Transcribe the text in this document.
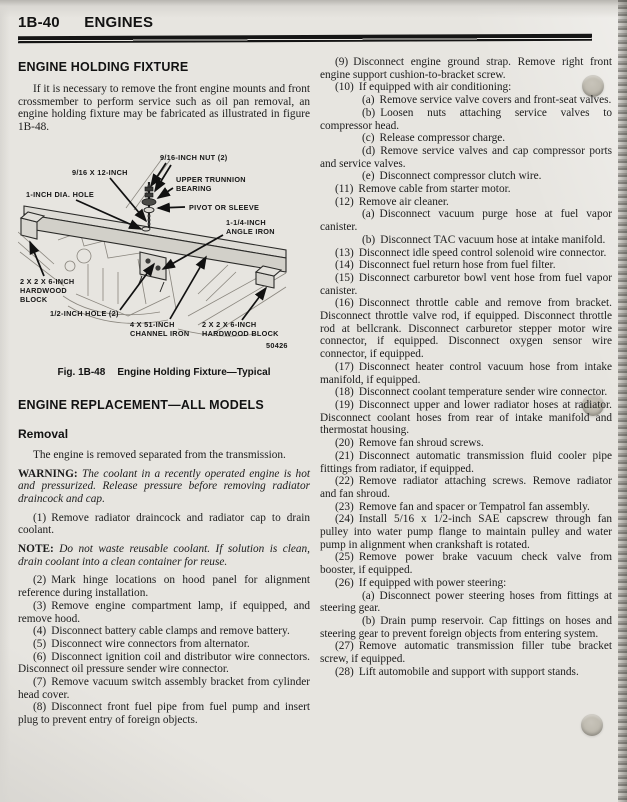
1B-40 ENGINES
ENGINE HOLDING FIXTURE

If it is necessary to remove the front engine mounts and front crossmember to perform service such as oil pan removal, an engine holding fixture may be fabricated as illustrated in figure 1B-48.

9/16-INCH NUT (2)
9/16 X 12-INCH
UPPER TRUNNION
BEARING
1-INCH DIA. HOLE
PIVOT OR SLEEVE
1-1/4-INCH
ANGLE IRON
2 X 2 X 6-INCH
HARDWOOD
BLOCK
1/2-INCH HOLE (2)
4 X 51-INCH
CHANNEL IRON
2 X 2 X 6-INCH
HARDWOOD BLOCK
50426
Fig. 1B-48 Engine Holding Fixture—Typical
ENGINE REPLACEMENT—ALL MODELS
Removal

The engine is removed separated from the transmission.

WARNING: The coolant in a recently operated engine is hot and pressurized. Release pressure before removing radiator draincock and cap.

(1) Remove radiator draincock and radiator cap to drain coolant.

NOTE: Do not waste reusable coolant. If solution is clean, drain coolant into a clean container for reuse.

(2) Mark hinge locations on hood panel for alignment reference during installation.

(3) Remove engine compartment lamp, if equipped, and remove hood.

(4) Disconnect battery cable clamps and remove battery.

(5) Disconnect wire connectors from alternator.

(6) Disconnect ignition coil and distributor wire connectors. Disconnect oil pressure sender wire connector.

(7) Remove vacuum switch assembly bracket from cylinder head cover.

(8) Disconnect front fuel pipe from fuel pump and insert plug to prevent entry of foreign objects.

(9) Disconnect engine ground strap. Remove right front engine support cushion-to-bracket screw.

(10) If equipped with air conditioning:

(a) Remove service valve covers and front-seat valves.

(b) Loosen nuts attaching service valves to compressor head.

(c) Release compressor charge.

(d) Remove service valves and cap compressor ports and service valves.

(e) Disconnect compressor clutch wire.

(11) Remove cable from starter motor.

(12) Remove air cleaner.

(a) Disconnect vacuum purge hose at fuel vapor canister.

(b) Disconnect TAC vacuum hose at intake manifold.

(13) Disconnect idle speed control solenoid wire connector.

(14) Disconnect fuel return hose from fuel filter.

(15) Disconnect carburetor bowl vent hose from fuel vapor canister.

(16) Disconnect throttle cable and remove from bracket. Disconnect throttle valve rod, if equipped. Disconnect throttle rod at bellcrank. Disconnect carburetor stepper motor wire connector, if equipped. Disconnect oxygen sensor wire connector, if equipped.

(17) Disconnect heater control vacuum hose from intake manifold, if equipped.

(18) Disconnect coolant temperature sender wire connector.

(19) Disconnect upper and lower radiator hoses at radiator. Disconnect coolant hoses from rear of intake manifold and thermostat housing.

(20) Remove fan shroud screws.

(21) Disconnect automatic transmission fluid cooler pipe fittings from radiator, if equipped.

(22) Remove radiator attaching screws. Remove radiator and fan shroud.

(23) Remove fan and spacer or Tempatrol fan assembly.

(24) Install 5/16 x 1/2-inch SAE capscrew through fan pulley into water pump flange to maintain pulley and water pump in alignment when crankshaft is rotated.

(25) Remove power brake vacuum check valve from booster, if equipped.

(26) If equipped with power steering:

(a) Disconnect power steering hoses from fittings at steering gear.

(b) Drain pump reservoir. Cap fittings on hoses and steering gear to prevent foreign objects from entering system.

(27) Remove automatic transmission filler tube bracket screw, if equipped.

(28) Lift automobile and support with support stands.
